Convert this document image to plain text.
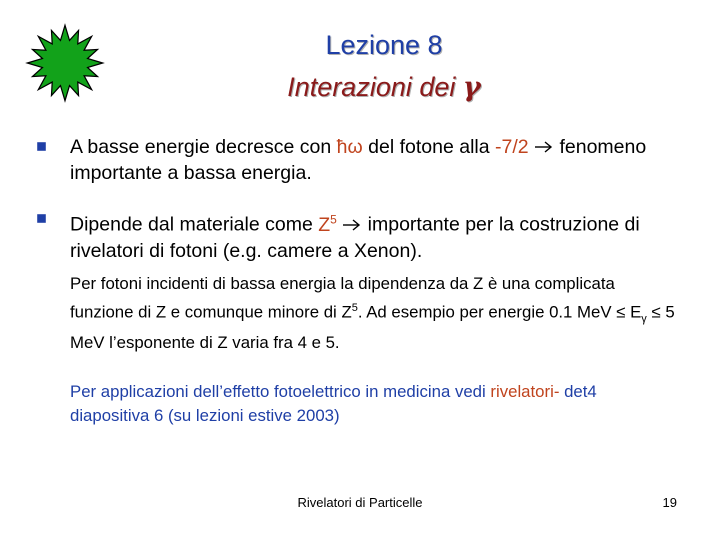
Lezione 8
Interazioni dei γ
A basse energie decresce con ħω del fotone alla -7/2  fenomeno importante a bassa energia.
Dipende dal materiale come $Z^5$  importante per la costruzione di rivelatori di fotoni (e.g. camere a Xenon).
Per fotoni incidenti di bassa energia la dipendenza da Z è una complicata funzione di Z e comunque minore di $Z^5$. Ad esempio per energie 0.1 MeV ≤ $E_\gamma \le 5$ MeV l’esponente di Z varia fra 4 e 5.
Per applicazioni dell’effetto fotoelettrico in medicina vedi rivelatori- det4 diapositiva 6 (su lezioni estive 2003)
Rivelatori di Particelle	19
